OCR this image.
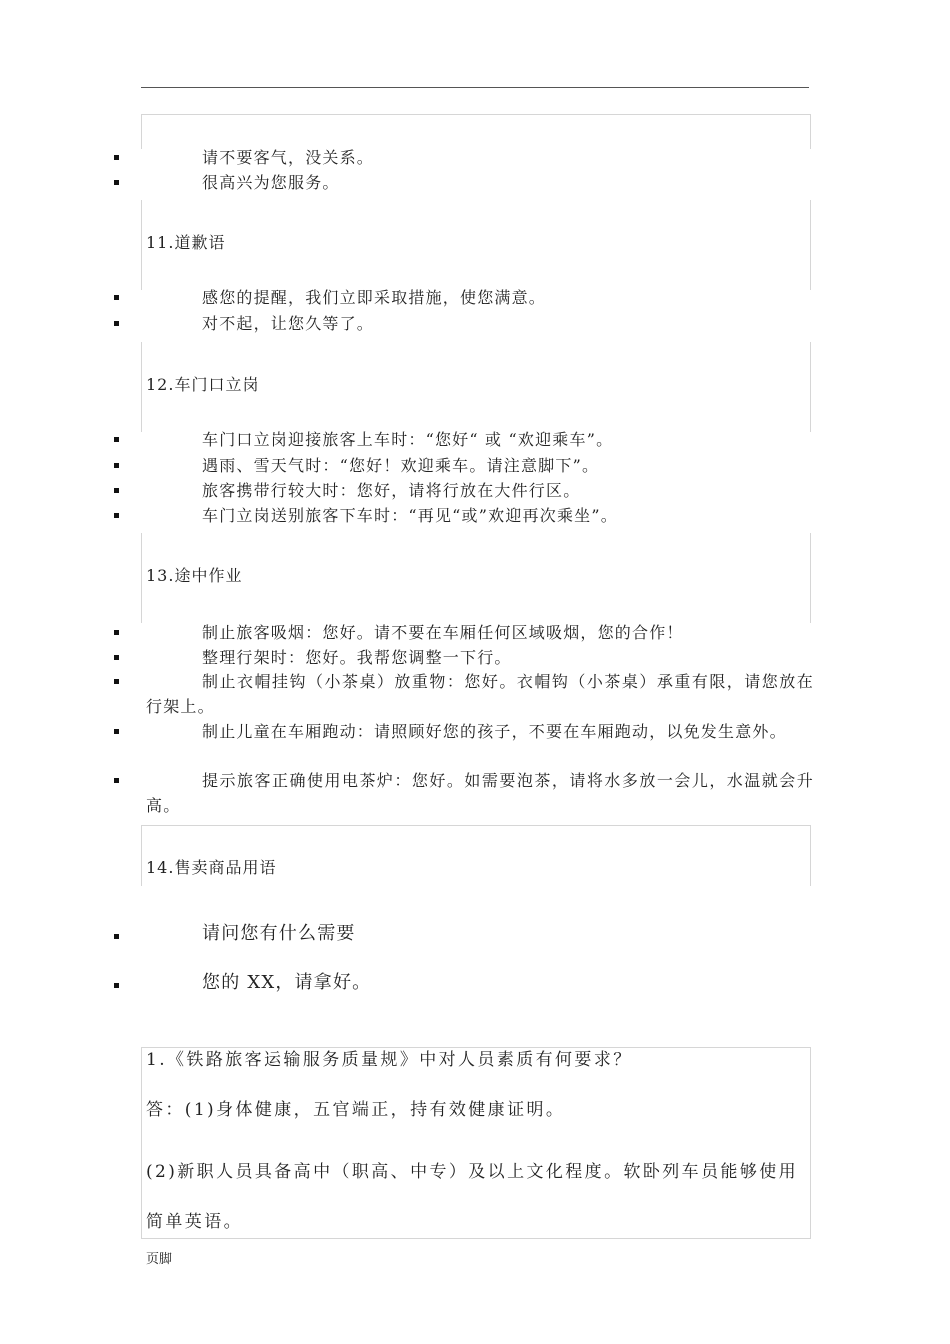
请不要客气，没关系。
很高兴为您服务。
11.道歉语
感您的提醒，我们立即采取措施，使您满意。
对不起，让您久等了。
12.车门口立岗
车门口立岗迎接旅客上车时：“您好“ 或 “欢迎乘车”。
遇雨、雪天气时：“您好！欢迎乘车。请注意脚下”。
旅客携带行较大时：您好，请将行放在大件行区。
车门立岗送别旅客下车时：“再见“或”欢迎再次乘坐”。
13.途中作业
制止旅客吸烟：您好。请不要在车厢任何区域吸烟，您的合作！
整理行架时：您好。我帮您调整一下行。
制止衣帽挂钩（小茶桌）放重物：您好。衣帽钩（小茶桌）承重有限，请您放在行架上。
制止儿童在车厢跑动：请照顾好您的孩子，不要在车厢跑动，以免发生意外。
提示旅客正确使用电茶炉：您好。如需要泡茶，请将水多放一会儿，水温就会升高。
14.售卖商品用语
请问您有什么需要
您的 XX，请拿好。
1.《铁路旅客运输服务质量规》中对人员素质有何要求？
答：(1)身体健康，五官端正，持有效健康证明。
(2)新职人员具备高中（职高、中专）及以上文化程度。软卧列车员能够使用简单英语。
页脚
